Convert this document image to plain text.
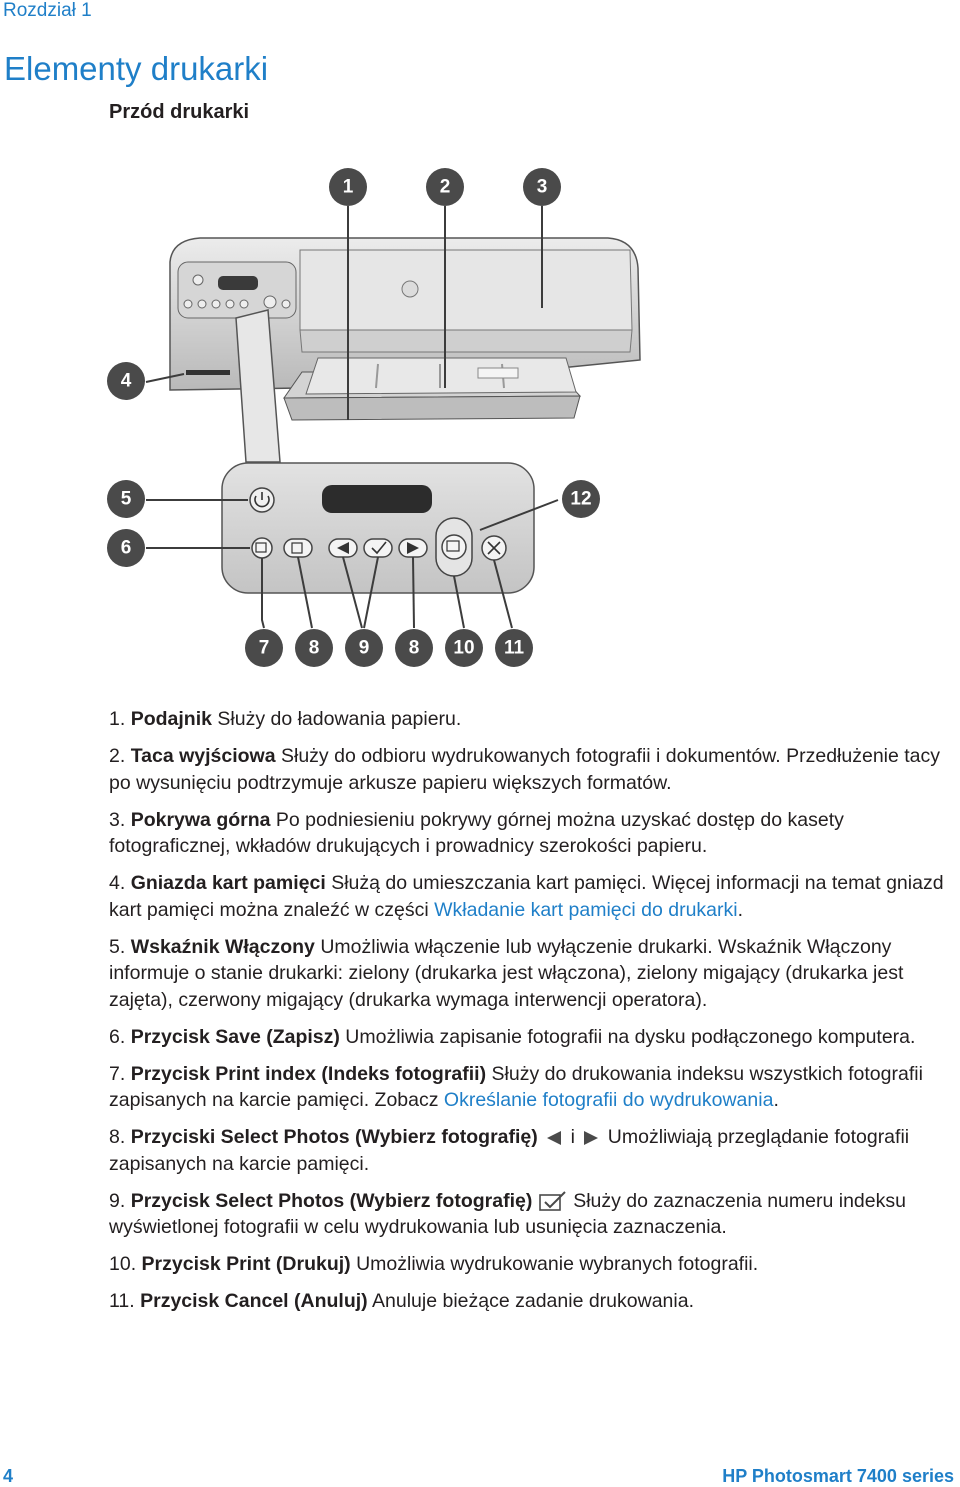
Rozdział 1
Elementy drukarki
Przód drukarki
1	2	3
4
5
6
7 8 9 8 10 11
12
1. Podajnik Służy do ładowania papieru.
2. Taca wyjściowa Służy do odbioru wydrukowanych fotografii i dokumentów. Przedłużenie tacy po wysunięciu podtrzymuje arkusze papieru większych formatów.
3. Pokrywa górna Po podniesieniu pokrywy górnej można uzyskać dostęp do kasety fotograficznej, wkładów drukujących i prowadnicy szerokości papieru.
4. Gniazda kart pamięci Służą do umieszczania kart pamięci. Więcej informacji na temat gniazd kart pamięci można znaleźć w części Wkładanie kart pamięci do drukarki.
5. Wskaźnik Włączony Umożliwia włączenie lub wyłączenie drukarki. Wskaźnik Włączony informuje o stanie drukarki: zielony (drukarka jest włączona), zielony migający (drukarka jest zajęta), czerwony migający (drukarka wymaga interwencji operatora).
6. Przycisk Save (Zapisz) Umożliwia zapisanie fotografii na dysku podłączonego komputera.
7. Przycisk Print index (Indeks fotografii) Służy do drukowania indeksu wszystkich fotografii zapisanych na karcie pamięci. Zobacz Określanie fotografii do wydrukowania.
8. Przyciski Select Photos (Wybierz fotografię) i Umożliwiają przeglądanie fotografii zapisanych na karcie pamięci.
9. Przycisk Select Photos (Wybierz fotografię) Służy do zaznaczenia numeru indeksu wyświetlonej fotografii w celu wydrukowania lub usunięcia zaznaczenia.
10. Przycisk Print (Drukuj) Umożliwia wydrukowanie wybranych fotografii.
11. Przycisk Cancel (Anuluj) Anuluje bieżące zadanie drukowania.
4	HP Photosmart 7400 series
